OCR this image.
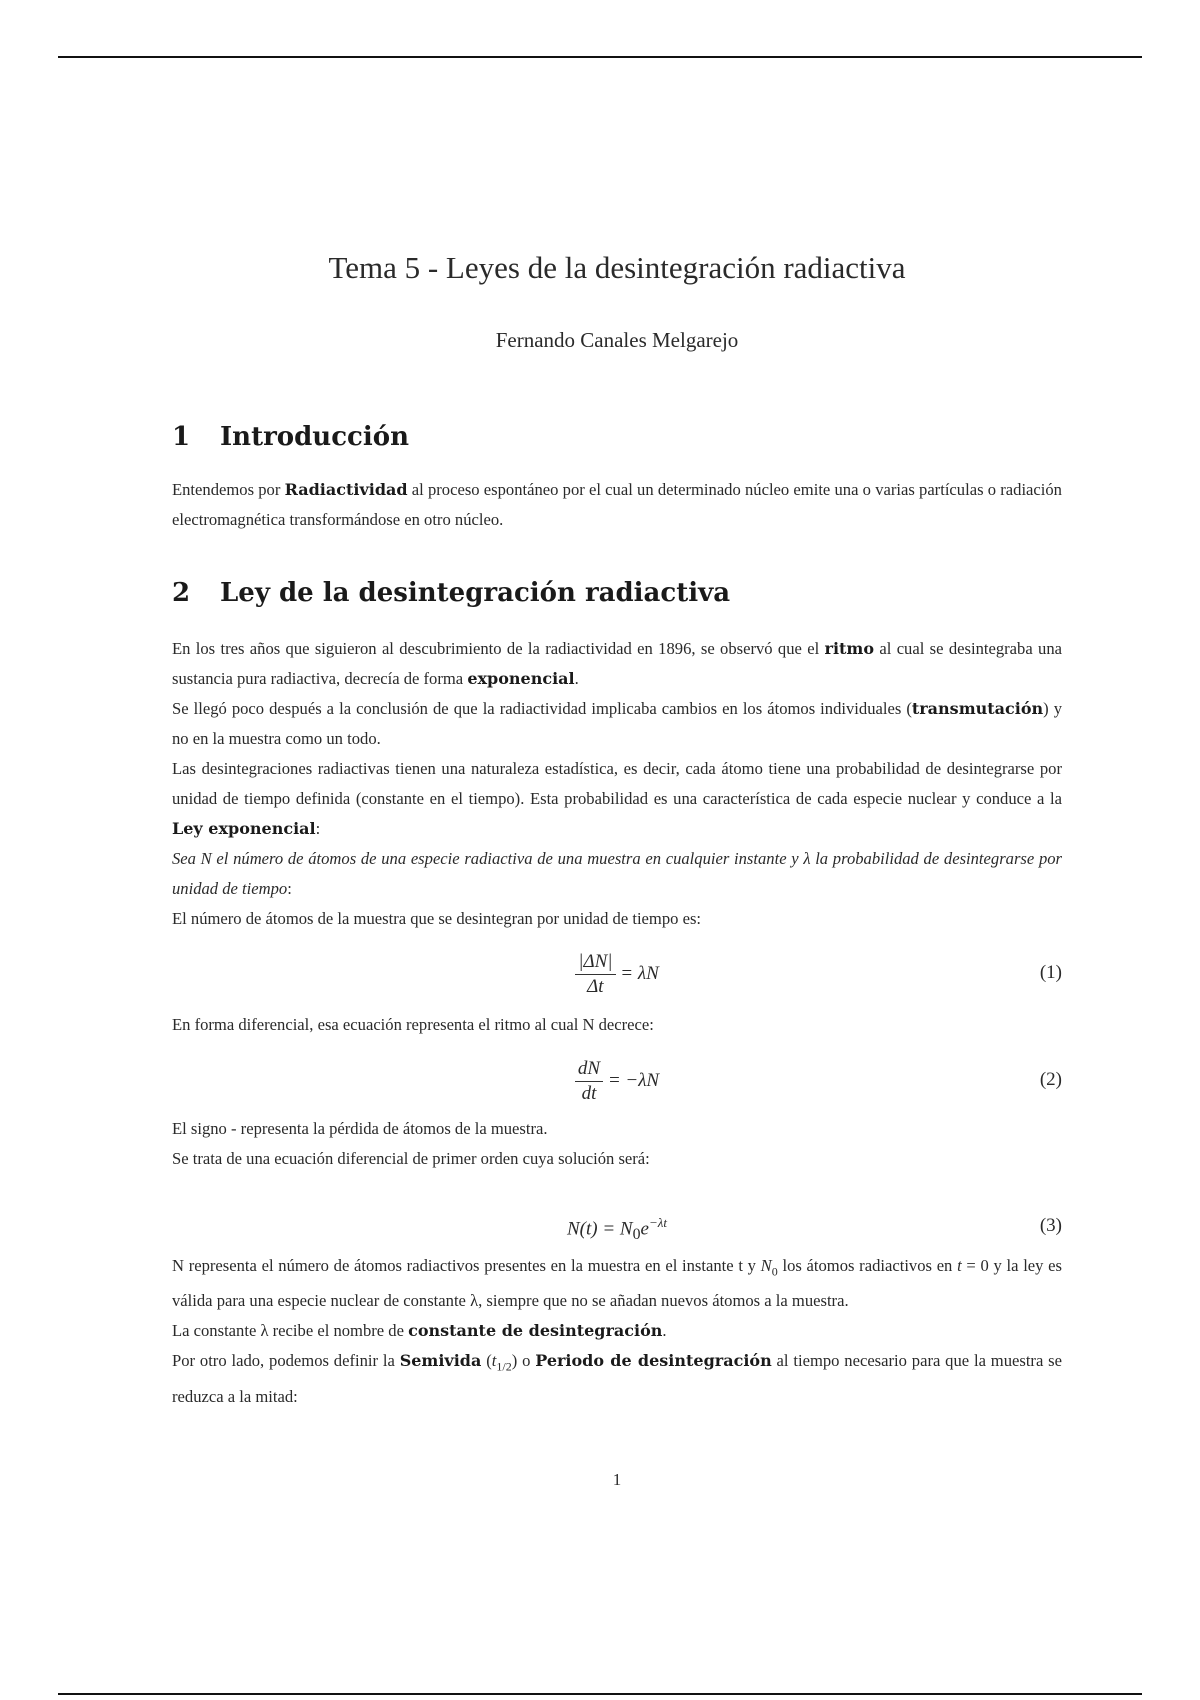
Tema 5 - Leyes de la desintegración radiactiva
Fernando Canales Melgarejo
1 Introducción
Entendemos por Radiactividad al proceso espontáneo por el cual un determinado núcleo emite una o varias partículas o radiación electromagnética transformándose en otro núcleo.
2 Ley de la desintegración radiactiva
En los tres años que siguieron al descubrimiento de la radiactividad en 1896, se observó que el ritmo al cual se desintegraba una sustancia pura radiactiva, decrecía de forma exponencial.
Se llegó poco después a la conclusión de que la radiactividad implicaba cambios en los átomos individuales (transmutación) y no en la muestra como un todo.
Las desintegraciones radiactivas tienen una naturaleza estadística, es decir, cada átomo tiene una probabilidad de desintegrarse por unidad de tiempo definida (constante en el tiempo). Esta probabilidad es una característica de cada especie nuclear y conduce a la Ley exponencial:
Sea N el número de átomos de una especie radiactiva de una muestra en cualquier instante y λ la probabilidad de desintegrarse por unidad de tiempo:
El número de átomos de la muestra que se desintegran por unidad de tiempo es:
$\frac{|\Delta N|}{\Delta t} = \lambda N$	(1)
En forma diferencial, esa ecuación representa el ritmo al cual N decrece:
$\frac{dN}{dt} = -\lambda N$	(2)
El signo - representa la pérdida de átomos de la muestra.
Se trata de una ecuación diferencial de primer orden cuya solución será:
$N(t) = N_0e^{-\lambda t}$	(3)
N representa el número de átomos radiactivos presentes en la muestra en el instante t y $N_0$ los átomos radiactivos en t = 0 y la ley es válida para una especie nuclear de constante λ, siempre que no se añadan nuevos átomos a la muestra.
La constante λ recibe el nombre de constante de desintegración.
Por otro lado, podemos definir la Semivida $(t_{1/2})$ o Periodo de desintegración al tiempo necesario para que la muestra se reduzca a la mitad:
1
